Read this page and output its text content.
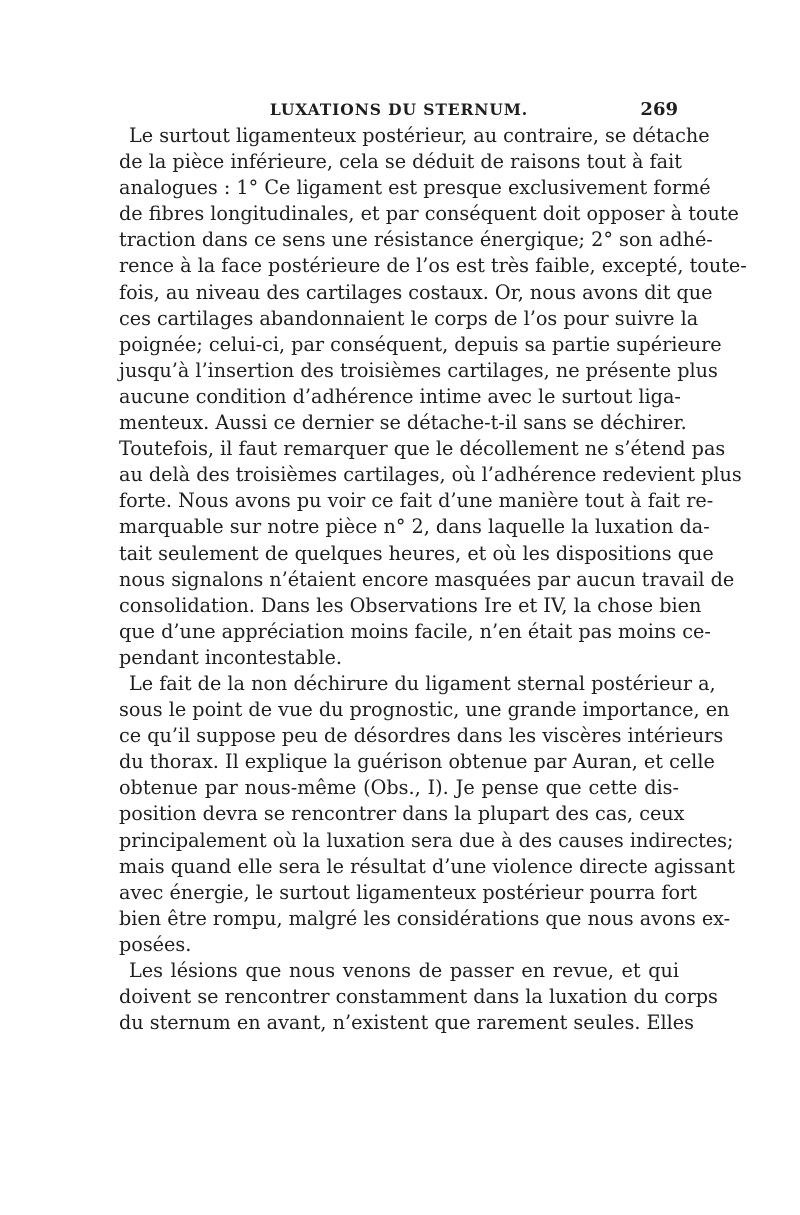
LUXATIONS DU STERNUM.	269
Le surtout ligamenteux postérieur, au contraire, se détache
de la pièce inférieure, cela se déduit de raisons tout à fait
analogues : 1° Ce ligament est presque exclusivement formé
de fibres longitudinales, et par conséquent doit opposer à toute
traction dans ce sens une résistance énergique; 2° son adhé-
rence à la face postérieure de l’os est très faible, excepté, toute-
fois, au niveau des cartilages costaux. Or, nous avons dit que
ces cartilages abandonnaient le corps de l’os pour suivre la
poignée; celui-ci, par conséquent, depuis sa partie supérieure
jusqu’à l’insertion des troisièmes cartilages, ne présente plus
aucune condition d’adhérence intime avec le surtout liga-
menteux. Aussi ce dernier se détache-t-il sans se déchirer.
Toutefois, il faut remarquer que le décollement ne s’étend pas
au delà des troisièmes cartilages, où l’adhérence redevient plus
forte. Nous avons pu voir ce fait d’une manière tout à fait re-
marquable sur notre pièce n° 2, dans laquelle la luxation da-
tait seulement de quelques heures, et où les dispositions que
nous signalons n’étaient encore masquées par aucun travail de
consolidation. Dans les Observations Ire et IV, la chose bien
que d’une appréciation moins facile, n’en était pas moins ce-
pendant incontestable.
Le fait de la non déchirure du ligament sternal postérieur a,
sous le point de vue du prognostic, une grande importance, en
ce qu’il suppose peu de désordres dans les viscères intérieurs
du thorax. Il explique la guérison obtenue par Auran, et celle
obtenue par nous-même (Obs., I). Je pense que cette dis-
position devra se rencontrer dans la plupart des cas, ceux
principalement où la luxation sera due à des causes indirectes;
mais quand elle sera le résultat d’une violence directe agissant
avec énergie, le surtout ligamenteux postérieur pourra fort
bien être rompu, malgré les considérations que nous avons ex-
posées.
Les lésions que nous venons de passer en revue, et qui
doivent se rencontrer constamment dans la luxation du corps
du sternum en avant, n’existent que rarement seules. Elles
